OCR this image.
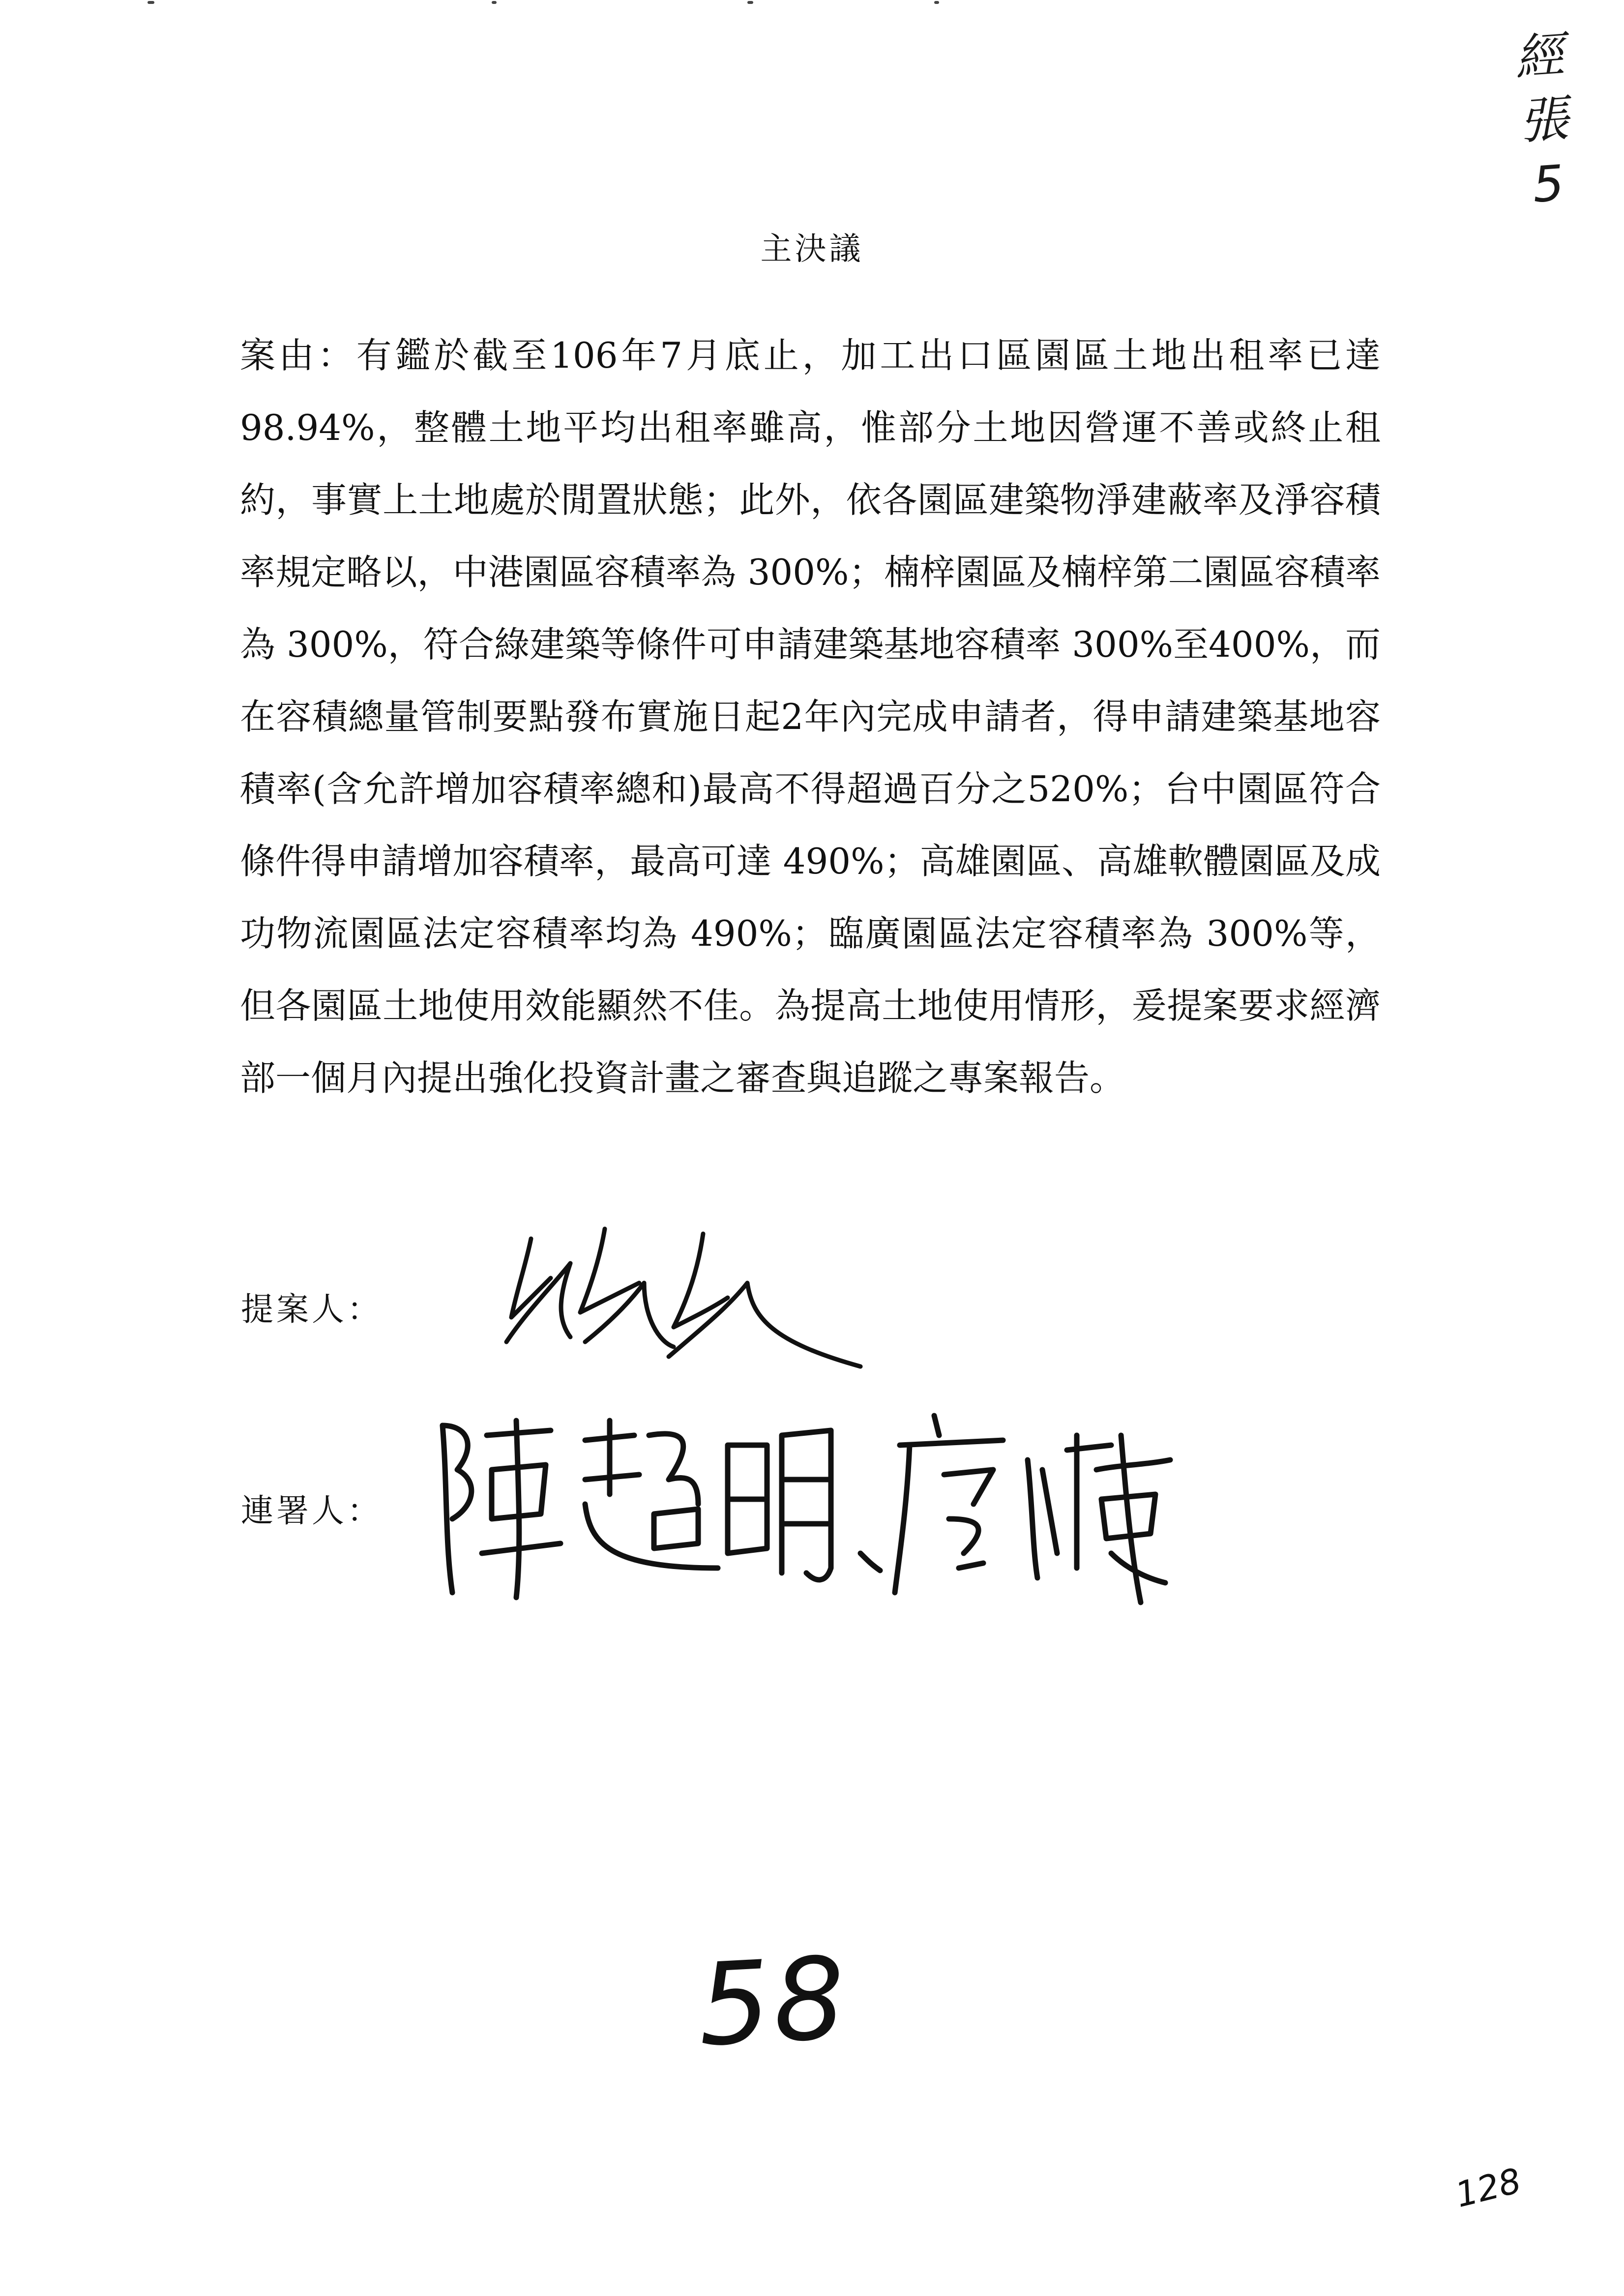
經
張
5
主決議
案由：有鑑於截至106年7月底止，加工出口區園區土地出租率已達98.94%，整體土地平均出租率雖高，惟部分土地因營運不善或終止租約，事實上土地處於閒置狀態；此外，依各園區建築物淨建蔽率及淨容積率規定略以，中港園區容積率為 300%；楠梓園區及楠梓第二園區容積率為 300%，符合綠建築等條件可申請建築基地容積率 300%至400%，而在容積總量管制要點發布實施日起2年內完成申請者，得申請建築基地容積率(含允許增加容積率總和)最高不得超過百分之520%；台中園區符合條件得申請增加容積率，最高可達 490%；高雄園區、高雄軟體園區及成功物流園區法定容積率均為 490%；臨廣園區法定容積率為 300%等，但各園區土地使用效能顯然不佳。為提高土地使用情形，爰提案要求經濟部一個月內提出強化投資計畫之審查與追蹤之專案報告。
提案人：
連署人：
58
128
